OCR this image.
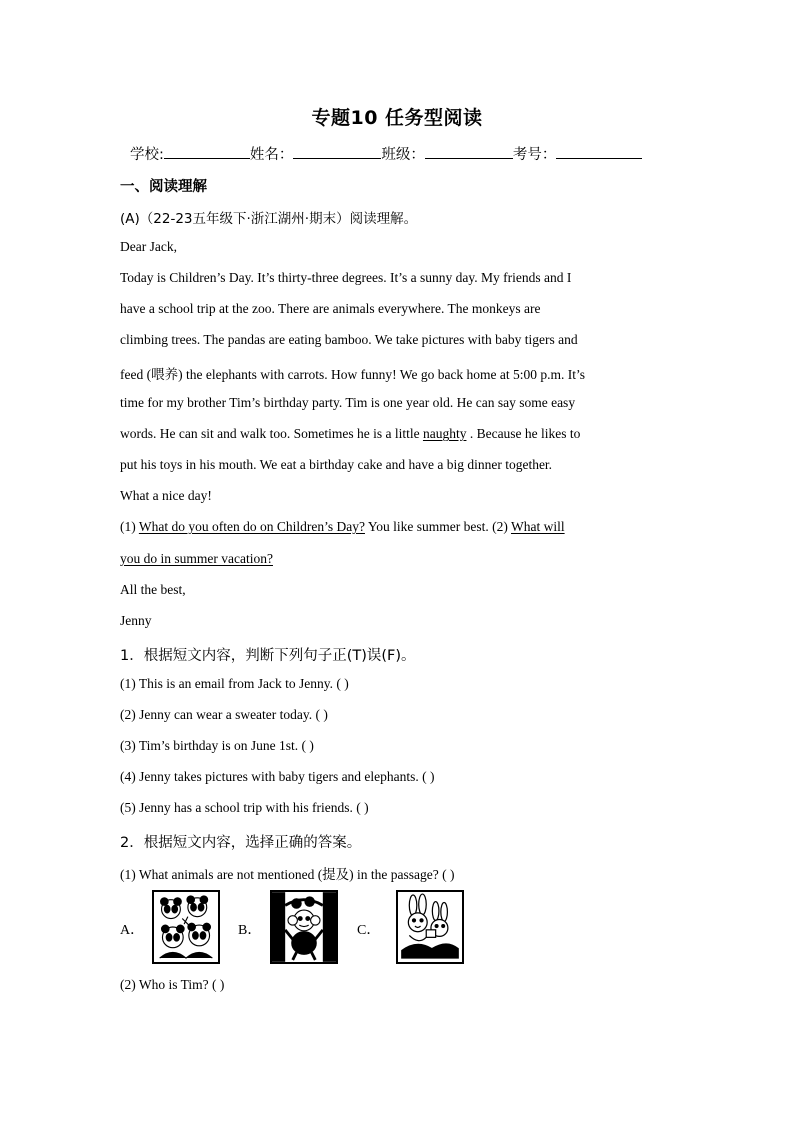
专题10 任务型阅读
学校:	姓名：	班级：	考号：
一、阅读理解
(A)（22-23五年级下·浙江湖州·期末）阅读理解。
Dear Jack,
Today is Children’s Day. It’s thirty-three degrees. It’s a sunny day. My friends and I
have a school trip at the zoo. There are animals everywhere. The monkeys are
climbing trees. The pandas are eating bamboo. We take pictures with baby tigers and
feed (喂养) the elephants with carrots. How funny! We go back home at 5:00 p.m. It’s
time for my brother Tim’s birthday party. Tim is one year old. He can say some easy
words. He can sit and walk too. Sometimes he is a little naughty . Because he likes to
put his toys in his mouth. We eat a birthday cake and have a big dinner together.
What a nice day!
(1) What do you often do on Children’s Day? You like summer best. (2) What will
you do in summer vacation?
All the best,
Jenny
1．根据短文内容，判断下列句子正(T)误(F)。
(1) This is an email from Jack to Jenny. ( )
(2) Jenny can wear a sweater today. ( )
(3) Tim’s birthday is on June 1st. ( )
(4) Jenny takes pictures with baby tigers and elephants. ( )
(5) Jenny has a school trip with his friends. ( )
2．根据短文内容，选择正确的答案。
(1) What animals are not mentioned (提及) in the passage? ( )
A．	B．	C．
(2) Who is Tim? ( )
